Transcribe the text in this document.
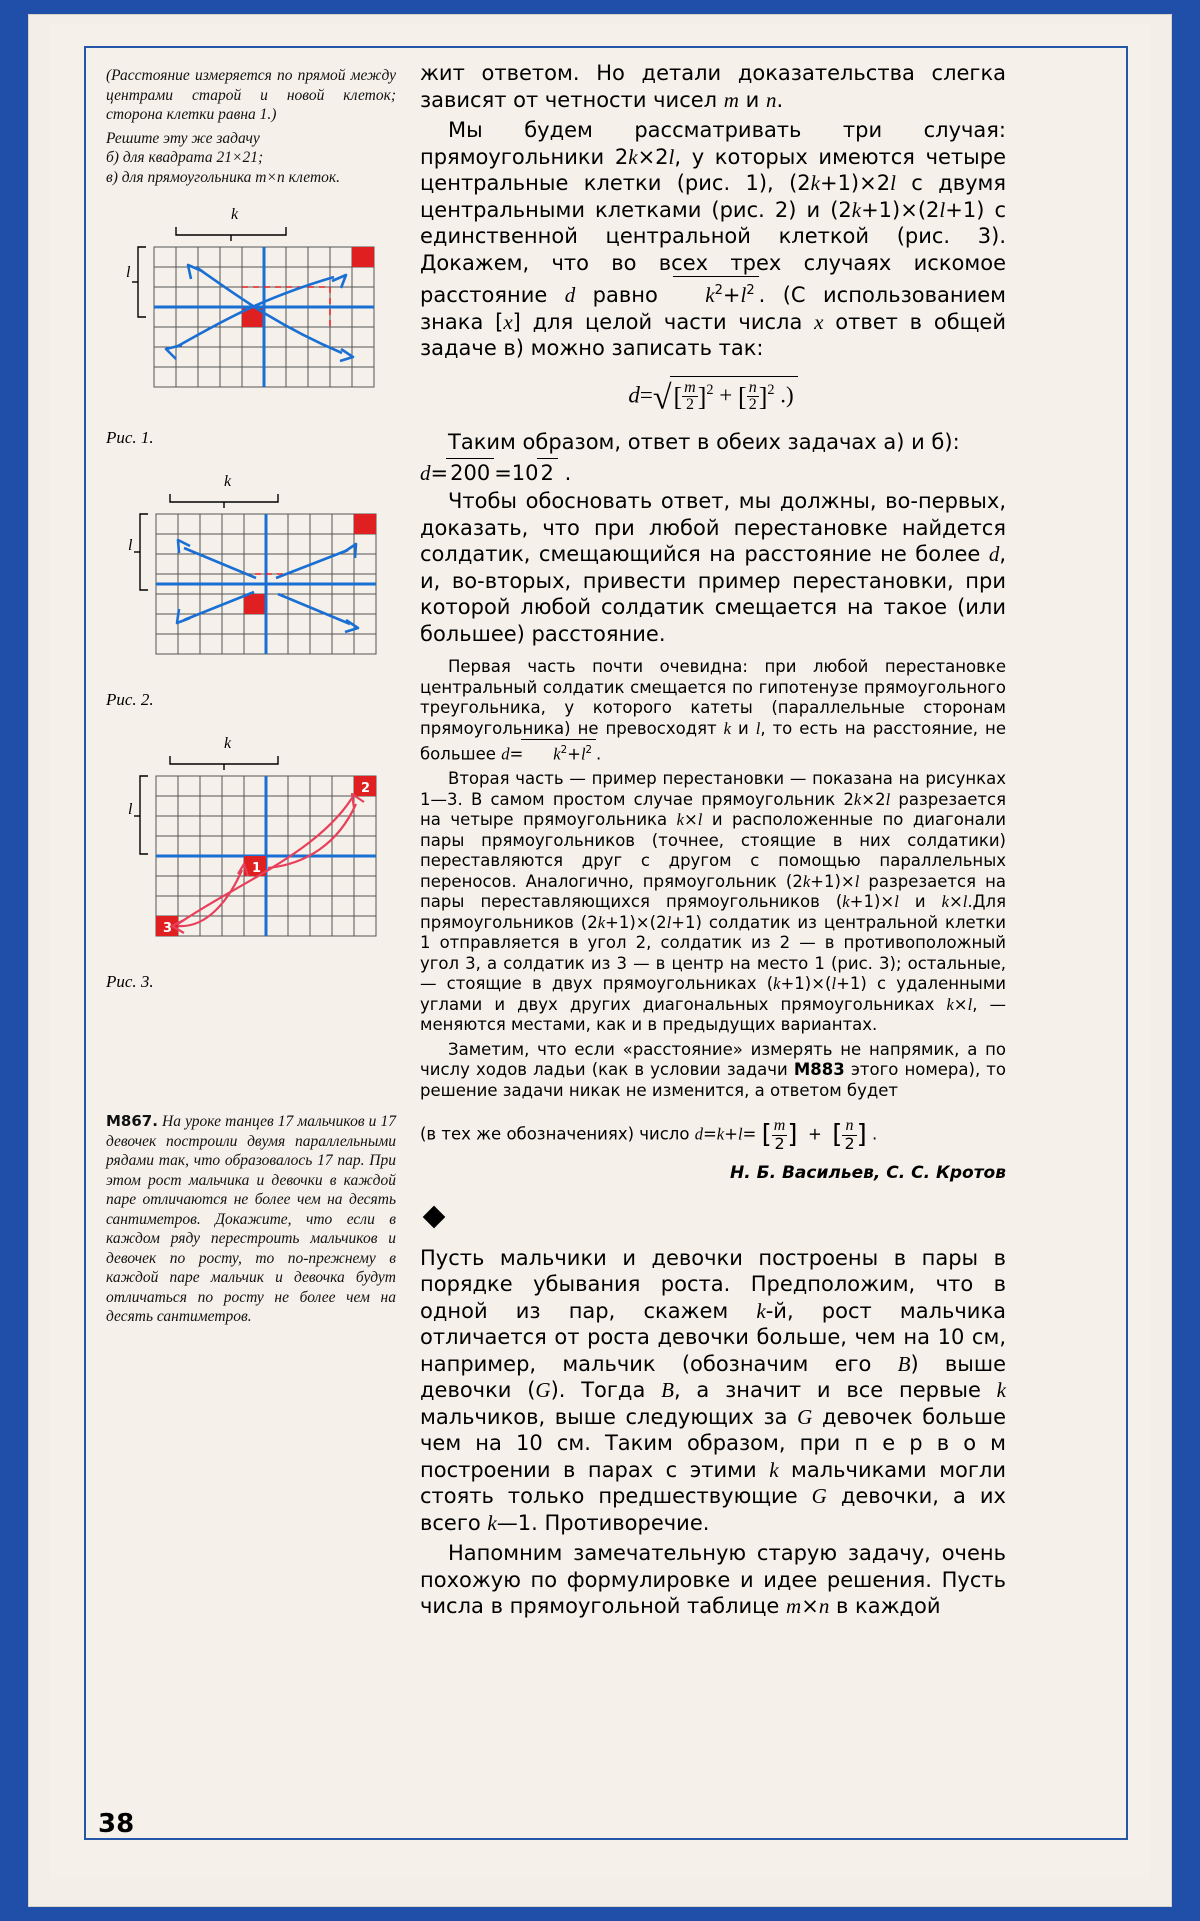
(Расстояние измеряется по прямой между центрами старой и новой клеток; сторона клетки равна 1.)
Решите эту же задачу
б) для квадрата 21×21;
в) для прямоугольника m×n клеток.
k
l
Рис. 1.
k
l
Рис. 2.
k
l
2
1
3
Рис. 3.
М867. На уроке танцев 17 мальчиков и 17 девочек построили двумя параллельными рядами так, что образовалось 17 пар. При этом рост мальчика и девочки в каждой паре отличаются не более чем на десять сантиметров. Докажите, что если в каждом ряду перестроить мальчиков и девочек по росту, то по-прежнему в каждой паре мальчик и девочка будут отличаться по росту не более чем на десять сантиметров.

жит ответом. Но детали доказательства слегка зависят от четности чисел m и n.

Мы будем рассматривать три случая: прямоугольники 2k×2l, у которых имеются четыре центральные клетки (рис. 1), (2k+1)×2l с двумя центральными клетками (рис. 2) и (2k+1)×(2l+1) с единственной центральной клеткой (рис. 3). Докажем, что во всех трех случаях искомое расстояние d равно $k^2+l^2$ . (С использованием знака [x] для целой части числа x ответ в общей задаче в) можно записать так:

$d=√[ \frac{m}{2} ]^2$ + [ $\frac{n}{2} ]^2$ .)

Таким образом, ответ в обеих задачах а) и б):

d=200 =102 .

Чтобы обосновать ответ, мы должны, во-первых, доказать, что при любой перестановке найдется солдатик, смещающийся на расстояние не более d, и, во-вторых, привести пример перестановки, при которой любой солдатик смещается на такое (или большее) расстояние.

Первая часть почти очевидна: при любой перестановке центральный солдатик смещается по гипотенузе прямоугольного треугольника, у которого катеты (параллельные сторонам прямоугольника) не превосходят k и l, то есть на расстояние, не большее $d= k^2+l^2$ .

Вторая часть — пример перестановки — показана на рисунках 1—3. В самом простом случае прямоугольник 2k×2l разрезается на четыре прямоугольника k×l и расположенные по диагонали пары прямоугольников (точнее, стоящие в них солдатики) переставляются друг с другом с помощью параллельных переносов. Аналогично, прямоугольник (2k+1)×l разрезается на пары переставляющихся прямоугольников (k+1)×l и k×l.Для прямоугольников (2k+1)×(2l+1) солдатик из центральной клетки 1 отправляется в угол 2, солдатик из 2 — в противоположный угол 3, а солдатик из 3 — в центр на место 1 (рис. 3); остальные, — стоящие в двух прямоугольниках (k+1)×(l+1) с удаленными углами и двух других диагональных прямоугольниках k×l, — меняются местами, как и в предыдущих вариантах.

Заметим, что если «расстояние» измерять не напрямик, а по числу ходов ладьи (как в условии задачи М883 этого номера), то решение задачи никак не изменится, а ответом будет

(в тех же обозначениях) число d=k+l= [ $\frac{m}{2}$ ]  +  [ $\frac{n}{2}$ ] .
Н. Б. Васильев, С. С. Кротов

Пусть мальчики и девочки построены в пары в порядке убывания роста. Предположим, что в одной из пар, скажем k-й, рост мальчика отличается от роста девочки больше, чем на 10 см, например, мальчик (обозначим его B) выше девочки (G). Тогда B, а значит и все первые k мальчиков, выше следующих за G девочек больше чем на 10 см. Таким образом, при п е р в о м построении в парах с этими k мальчиками могли стоять только предшествующие G девочки, а их всего k—1. Противоречие.

Напомним замечательную старую задачу, очень похожую по формулировке и идее решения. Пусть числа в прямоугольной таблице m×n в каждой

38
